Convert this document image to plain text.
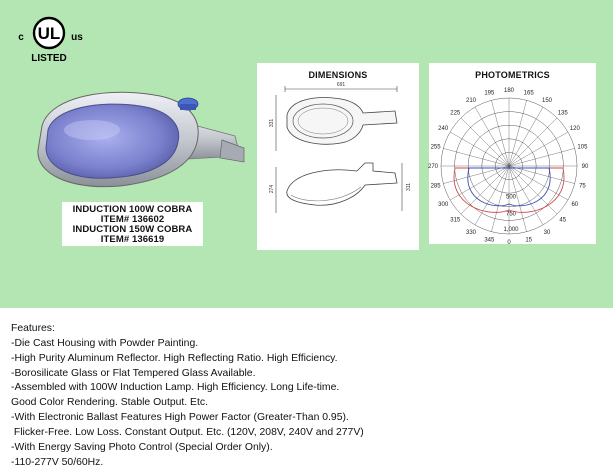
UL
c	us
LISTED
INDUCTION 100W COBRA
ITEM# 136602
INDUCTION 150W COBRA
ITEM# 136619
DIMENSIONS
691
331
274	311
PHOTOMETRICS
180
195	165
210	150
225	135
240	120
255	105
270	90
285	75
300	60
315	45
330	30
345 0 15
500
750
1,000
Features:
-Die Cast Housing with Powder Painting.
-High Purity Aluminum Reflector. High Reflecting Ratio. High Efficiency.
-Borosilicate Glass or Flat Tempered Glass Available.
-Assembled with 100W Induction Lamp. High Efficiency. Long Life-time.
Good Color Rendering. Stable Output. Etc.
-With Electronic Ballast Features High Power Factor (Greater-Than 0.95).
Flicker-Free. Low Loss. Constant Output. Etc. (120V, 208V, 240V and 277V)
-With Energy Saving Photo Control (Special Order Only).
-110-277V 50/60Hz.
